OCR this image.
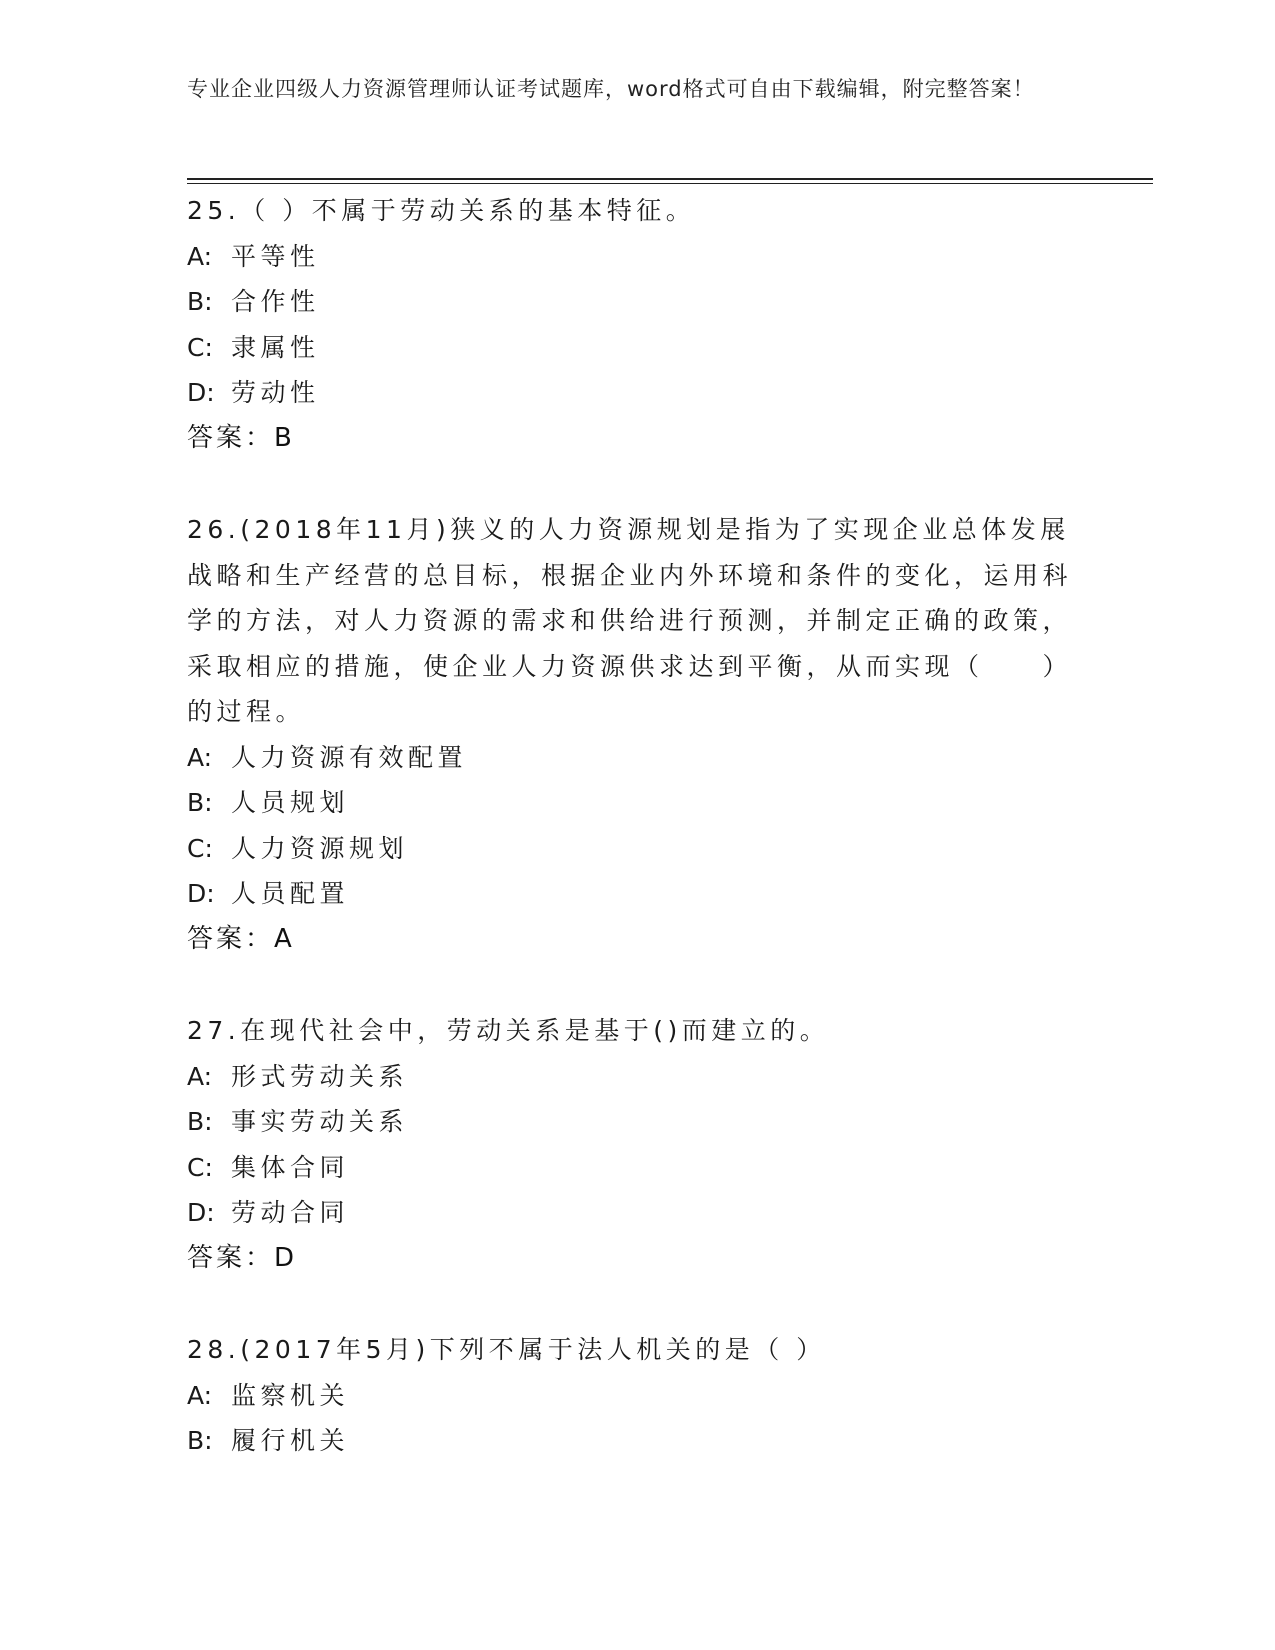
专业企业四级人力资源管理师认证考试题库，word格式可自由下载编辑，附完整答案！

25.（ ）不属于劳动关系的基本特征。

A: 平等性

B: 合作性

C: 隶属性

D: 劳动性

答案：B

26.(2018年11月)狭义的人力资源规划是指为了实现企业总体发展战略和生产经营的总目标，根据企业内外环境和条件的变化，运用科学的方法，对人力资源的需求和供给进行预测，并制定正确的政策，采取相应的措施，使企业人力资源供求达到平衡，从而实现（　　）的过程。

A: 人力资源有效配置

B: 人员规划

C: 人力资源规划

D: 人员配置

答案：A

27.在现代社会中，劳动关系是基于()而建立的。

A: 形式劳动关系

B: 事实劳动关系

C: 集体合同

D: 劳动合同

答案：D

28.(2017年5月)下列不属于法人机关的是（ ）

A: 监察机关

B: 履行机关
